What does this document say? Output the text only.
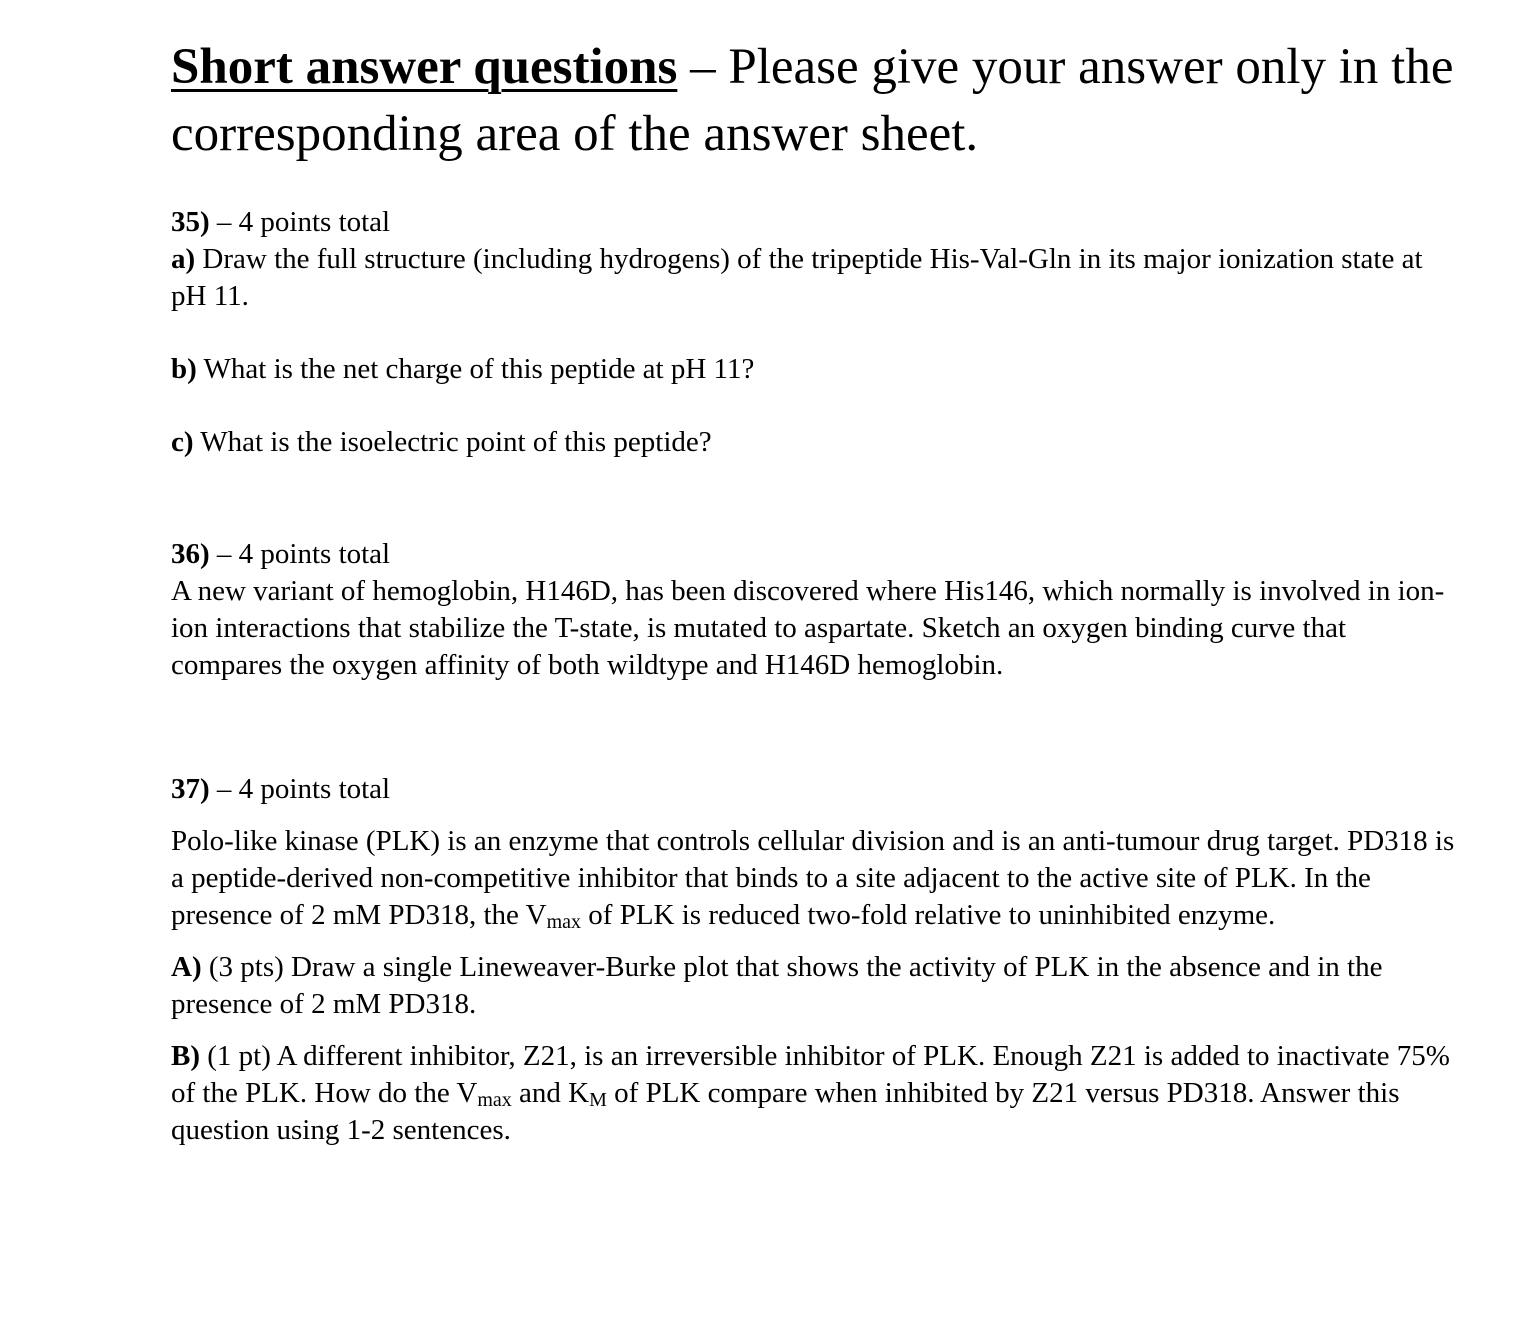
Short answer questions – Please give your answer only in the corresponding area of the answer sheet.

35) – 4 points total

a) Draw the full structure (including hydrogens) of the tripeptide His-Val-Gln in its major ionization state at pH 11.

b) What is the net charge of this peptide at pH 11?

c) What is the isoelectric point of this peptide?

36) – 4 points total

A new variant of hemoglobin, H146D, has been discovered where His146, which normally is involved in ion-ion interactions that stabilize the T-state, is mutated to aspartate. Sketch an oxygen binding curve that compares the oxygen affinity of both wildtype and H146D hemoglobin.

37) – 4 points total

Polo-like kinase (PLK) is an enzyme that controls cellular division and is an anti-tumour drug target. PD318 is a peptide-derived non-competitive inhibitor that binds to a site adjacent to the active site of PLK. In the presence of 2 mM PD318, the $V_{max}$ of PLK is reduced two-fold relative to uninhibited enzyme.

A) (3 pts) Draw a single Lineweaver-Burke plot that shows the activity of PLK in the absence and in the presence of 2 mM PD318.

B) (1 pt) A different inhibitor, Z21, is an irreversible inhibitor of PLK. Enough Z21 is added to inactivate 75% of the PLK. How do the $V_{max}$ and $K_M$ of PLK compare when inhibited by Z21 versus PD318. Answer this question using 1-2 sentences.
